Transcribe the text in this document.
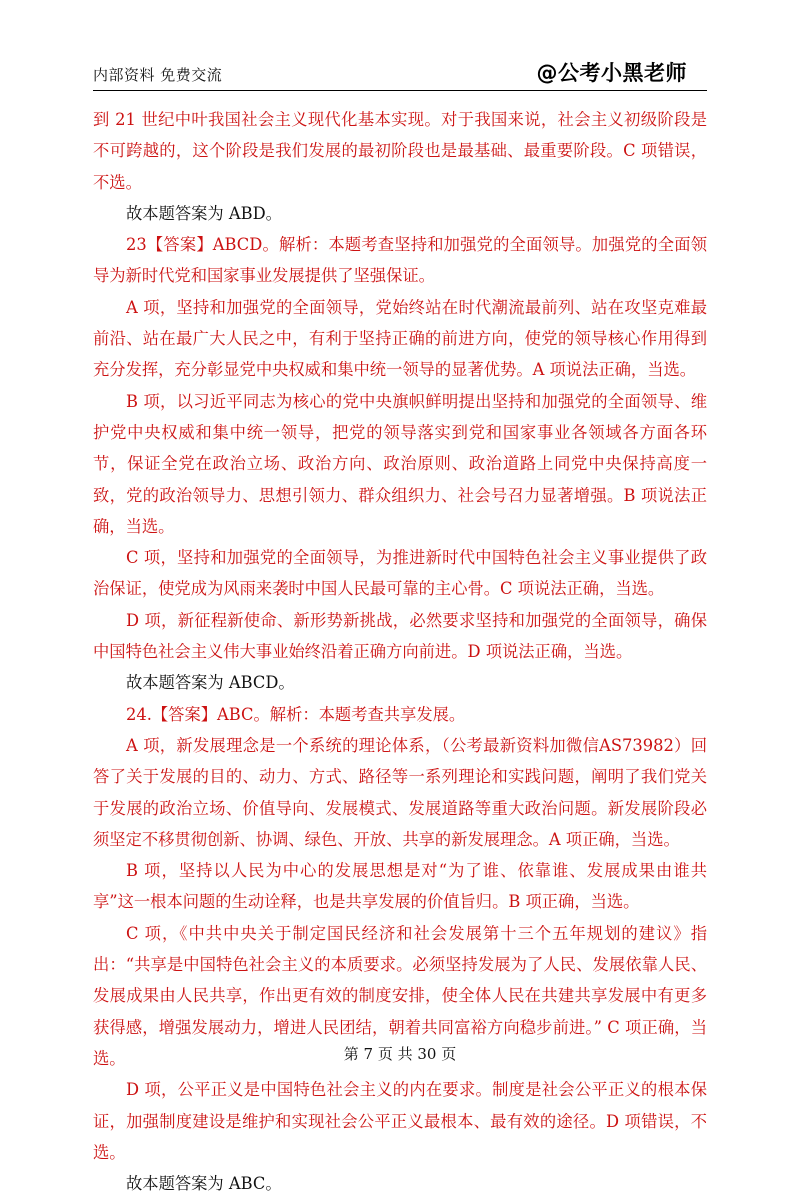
内部资料 免费交流	@公考小黑老师

到 21 世纪中叶我国社会主义现代化基本实现。对于我国来说，社会主义初级阶段是不可跨越的，这个阶段是我们发展的最初阶段也是最基础、最重要阶段。C 项错误，不选。

故本题答案为 ABD。

23【答案】ABCD。解析：本题考查坚持和加强党的全面领导。加强党的全面领导为新时代党和国家事业发展提供了坚强保证。

A 项，坚持和加强党的全面领导，党始终站在时代潮流最前列、站在攻坚克难最前沿、站在最广大人民之中，有利于坚持正确的前进方向，使党的领导核心作用得到充分发挥，充分彰显党中央权威和集中统一领导的显著优势。A 项说法正确，当选。

B 项，以习近平同志为核心的党中央旗帜鲜明提出坚持和加强党的全面领导、维护党中央权威和集中统一领导，把党的领导落实到党和国家事业各领域各方面各环节，保证全党在政治立场、政治方向、政治原则、政治道路上同党中央保持高度一致，党的政治领导力、思想引领力、群众组织力、社会号召力显著增强。B 项说法正确，当选。

C 项，坚持和加强党的全面领导，为推进新时代中国特色社会主义事业提供了政治保证，使党成为风雨来袭时中国人民最可靠的主心骨。C 项说法正确，当选。

D 项，新征程新使命、新形势新挑战，必然要求坚持和加强党的全面领导，确保中国特色社会主义伟大事业始终沿着正确方向前进。D 项说法正确，当选。

故本题答案为 ABCD。

24.【答案】ABC。解析：本题考查共享发展。

A 项，新发展理念是一个系统的理论体系，（公考最新资料加微信AS73982）回答了关于发展的目的、动力、方式、路径等一系列理论和实践问题，阐明了我们党关于发展的政治立场、价值导向、发展模式、发展道路等重大政治问题。新发展阶段必须坚定不移贯彻创新、协调、绿色、开放、共享的新发展理念。A 项正确，当选。

B 项，坚持以人民为中心的发展思想是对“为了谁、依靠谁、发展成果由谁共享”这一根本问题的生动诠释，也是共享发展的价值旨归。B 项正确，当选。

C 项，《中共中央关于制定国民经济和社会发展第十三个五年规划的建议》指出：“共享是中国特色社会主义的本质要求。必须坚持发展为了人民、发展依靠人民、发展成果由人民共享，作出更有效的制度安排，使全体人民在共建共享发展中有更多获得感，增强发展动力，增进人民团结，朝着共同富裕方向稳步前进。” C 项正确，当选。

D 项，公平正义是中国特色社会主义的内在要求。制度是社会公平正义的根本保证，加强制度建设是维护和实现社会公平正义最根本、最有效的途径。D 项错误，不选。

故本题答案为 ABC。

第 7 页 共 30 页
